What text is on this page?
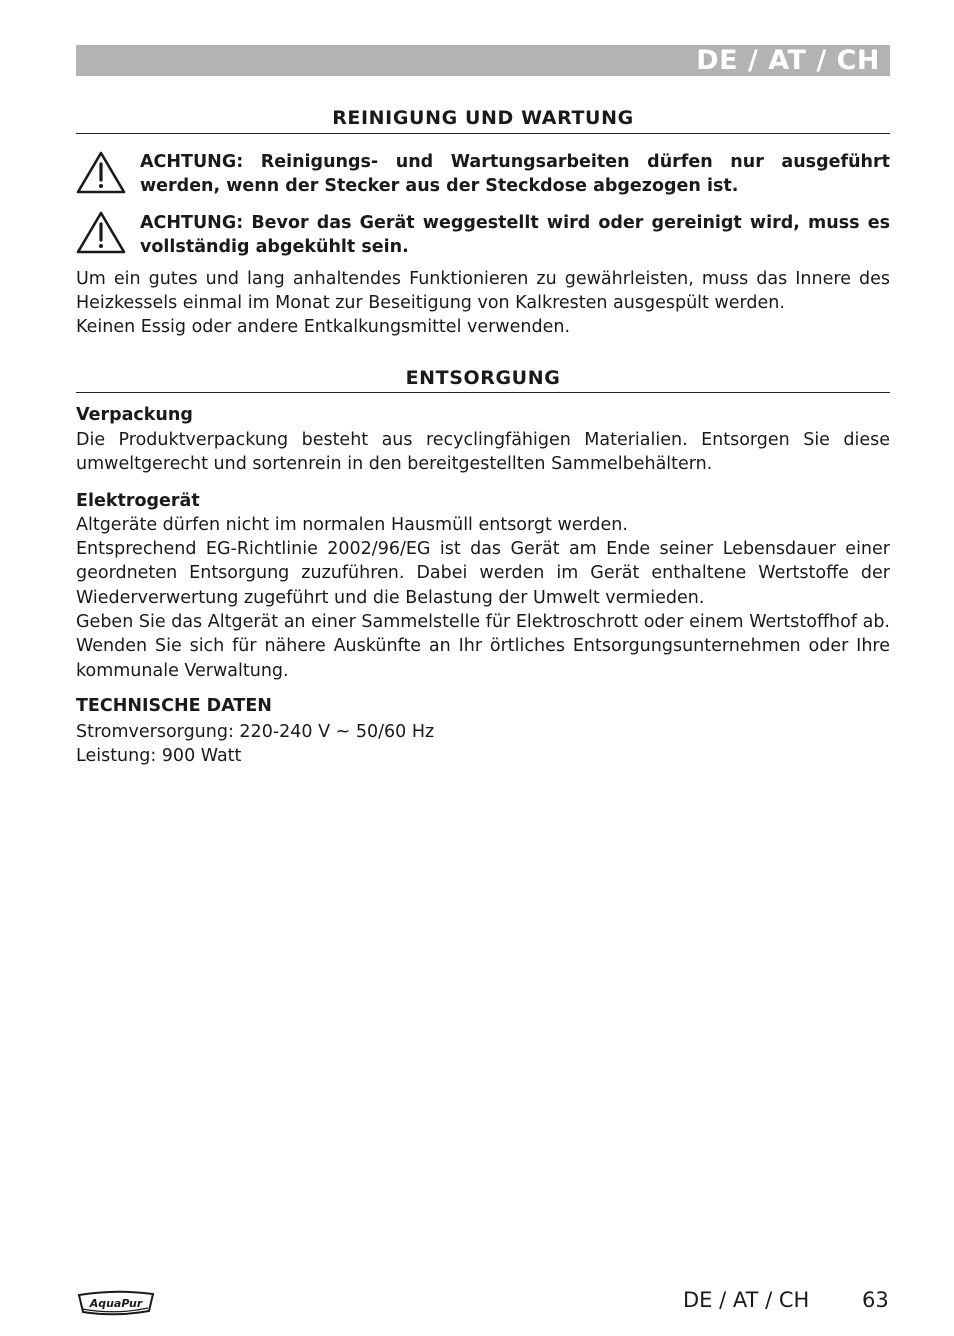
DE / AT / CH
REINIGUNG UND WARTUNG
ACHTUNG: Reinigungs- und Wartungsarbeiten dürfen nur ausgeführt werden, wenn der Stecker aus der Steckdose abgezogen ist.
ACHTUNG: Bevor das Gerät weggestellt wird oder gereinigt wird, muss es vollständig abgekühlt sein.
Um ein gutes und lang anhaltendes Funktionieren zu gewährleisten, muss das Innere des Heizkessels einmal im Monat zur Beseitigung von Kalkresten ausgespült werden.
Keinen Essig oder andere Entkalkungsmittel verwenden.
ENTSORGUNG
Verpackung
Die Produktverpackung besteht aus recyclingfähigen Materialien. Entsorgen Sie diese umweltgerecht und sortenrein in den bereitgestellten Sammelbehältern.
Elektrogerät
Altgeräte dürfen nicht im normalen Hausmüll entsorgt werden.
Entsprechend EG-Richtlinie 2002/96/EG ist das Gerät am Ende seiner Lebensdauer einer geordneten Entsorgung zuzuführen. Dabei werden im Gerät enthaltene Wertstoffe der Wiederverwertung zugeführt und die Belastung der Umwelt vermieden.
Geben Sie das Altgerät an einer Sammelstelle für Elektroschrott oder einem Wertstoffhof ab. Wenden Sie sich für nähere Auskünfte an Ihr örtliches Entsorgungsunternehmen oder Ihre kommunale Verwaltung.
TECHNISCHE DATEN
Stromversorgung: 220-240 V ~ 50/60 Hz
Leistung: 900 Watt
AquaPur	DE / AT / CH	63
